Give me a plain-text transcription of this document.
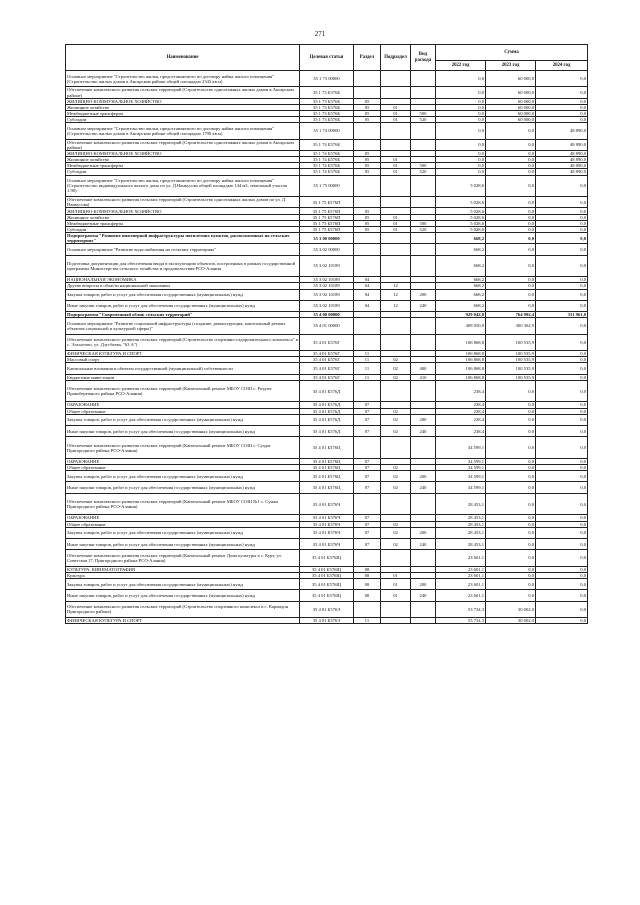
271
Наименование	Целевая статья	Раздел	Подраздел	Вид расхода	Сумма		
					2022 год	2023 год	2024 год
Основное мероприятие "Строительство жилья, предоставляемого по договору найма жилого помещения" (Строительство жилых домов в Ангарском районе общей площадью 2343 кв.м)	35 1 73 00000				0,0	60 000,0	0,0
Обеспечение комплексного развития сельских территорий (Строительство одноэтажных жилых домов в Ангарском районе)	35 1 73 Б576Б				0,0	60 000,0	0,0
ЖИЛИЩНО-КОММУНАЛЬНОЕ ХОЗЯЙСТВО	35 1 73 Б576Б	05			0,0	60 000,0	0,0
Жилищное хозяйство	35 1 73 Б576Б	05	01		0,0	60 000,0	0,0
Межбюджетные трансферты	35 1 73 Б576Б	05	01	500	0,0	60 000,0	0,0
Субсидии	35 1 73 Б576Б	05	01	520	0,0	60 000,0	0,0
Основное мероприятие "Строительство жилья, предоставляемого по договору найма жилого помещения" (Строительство жилых домов в Ангарском районе общей площадью 1790 кв.м)	35 1 74 00000				0,0	0,0	48 890,0
Обеспечение комплексного развития сельских территорий (Строительство одноэтажных жилых домов в Ангарском районе)	35 1 74 Б576Б				0,0	0,0	48 890,0
ЖИЛИЩНО-КОММУНАЛЬНОЕ ХОЗЯЙСТВО	35 1 74 Б576Б	05			0,0	0,0	48 890,0
Жилищное хозяйство	35 1 74 Б576Б	05	01		0,0	0,0	48 890,0
Межбюджетные трансферты	35 1 74 Б576Б	05	01	500	0,0	0,0	48 890,0
Субсидии	35 1 74 Б576Б	05	01	520	0,0	0,0	48 890,0
Основное мероприятие "Строительство жилья, предоставляемого по договору найма жилого помещения" (Строительство индивидуального жилого дома по ул. Д.Нанкусова общей площадью 144 м2, земельный участок 1.90)	35 1 75 00000				5 028,6	0,0	0,0
Обеспечение комплексного развития сельских территорий (Строительство одноэтажных жилых домов по ул. Д. Нанкусова)	35 1 75 Б576П				5 028,6	0,0	0,0
ЖИЛИЩНО-КОММУНАЛЬНОЕ ХОЗЯЙСТВО	35 1 75 Б576П	05			5 028,6	0,0	0,0
Жилищное хозяйство	35 1 75 Б576П	05	01		5 028,6	0,0	0,0
Межбюджетные трансферты	35 1 75 Б576П	05	01	500	5 028,6	0,0	0,0
Субсидии	35 1 75 Б576П	05	01	520	5 028,6	0,0	0,0
Подпрограмма "Развитие инженерной инфраструктуры пятилетних пунктов, расположенных на сельских территориях"	35 3 00 00000				668,2	0,0	0,0
Основное мероприятие "Развитие водоснабжения на сельских территориях"	35 3 02 00000				668,2	0,0	0,0
Подготовка документации для обеспечения ввода в эксплуатацию объектов, построенных в рамках государственной программы Министерства сельского хозяйства и продовольствия РСО-Алания	35 3 02 10189				668,2	0,0	0,0
НАЦИОНАЛЬНАЯ ЭКОНОМИКА	35 3 02 10189	04			668,2	0,0	0,0
Другие вопросы в области национальной экономики	35 3 02 10189	04	12		668,2	0,0	0,0
Закупка товаров, работ и услуг для обеспечения государственных (муниципальных) нужд	35 3 02 10189	04	12	200	668,2	0,0	0,0
Иные закупки товаров, работ и услуг для обеспечения государственных (муниципальных) нужд	35 3 02 10189	04	12	240	668,2	0,0	0,0
Подпрограмма "Современный облик сельских территорий"	35 4 00 00000				929 042,0	764 992,4	331 961,0
Основное мероприятие "Развитие социальной инфраструктуры (создание, реконструкция, капитальный ремонт объектов социальной и культурной сферы)"	35 4 01 00000				408 050,0	300 302,9	0,0
Обеспечение комплексного развития сельских территорий (Строительство спортивно-оздоровительного комплекса" в с. Эльхотово, ул. Дзусбаева, "63 А")	35 4 01 Б576Г				106 868,8	100 535,9	0,0
ФИЗИЧЕСКАЯ КУЛЬТУРА И СПОРТ	35 4 01 Б576Г	11			106 868,8	100 535,9	0,0
Массовый спорт	35 4 01 Б576Г	11	02		106 868,8	100 535,9	0,0
Капитальные вложения в объекты государственной (муниципальной) собственности	35 4 01 Б576Г	11	02	400	106 868,8	100 535,9	0,0
Бюджетные инвестиции	35 4 01 Б576Г	11	02	410	106 868,8	100 535,9	0,0
Обеспечение комплексного развития сельских территорий (Капитальный ремонт МБОУ СОШ с. Раздзог Правобережного района РСО-Алания)	35 4 01 Б576Д				238,4	0,0	0,0
ОБРАЗОВАНИЕ	35 4 01 Б576Д	07			238,4	0,0	0,0
Общее образование	35 4 01 Б576Д	07	02		238,4	0,0	0,0
Закупка товаров, работ и услуг для обеспечения государственных (муниципальных) нужд	35 4 01 Б576Д	07	02	200	238,4	0,0	0,0
Иные закупки товаров, работ и услуг для обеспечения государственных (муниципальных) нужд	35 4 01 Б576Д	07	02	240	238,4	0,0	0,0
Обеспечение комплексного развития сельских территорий (Капитальный ремонт МБОУ СОШ с. Суадаг Пригородного района РСО-Алания)	35 4 01 Б576Ц				34 599,1	0,0	0,0
ОБРАЗОВАНИЕ	35 4 01 Б576Ц	07			34 599,1	0,0	0,0
Общее образование	35 4 01 Б576Ц	07	02		34 599,1	0,0	0,0
Закупка товаров, работ и услуг для обеспечения государственных (муниципальных) нужд	35 4 01 Б576Ц	07	02	200	34 599,1	0,0	0,0
Иные закупки товаров, работ и услуг для обеспечения государственных (муниципальных) нужд	35 4 01 Б576Ц	07	02	240	34 599,1	0,0	0,0
Обеспечение комплексного развития сельских территорий (Капитальный ремонт МБОУ СОШ №1 с. Сунжа Пригородного района РСО-Алания)	35 4 01 Б576Ч				28 453,1	0,0	0,0
ОБРАЗОВАНИЕ	35 4 01 Б576Ч	07			28 453,1	0,0	0,0
Общее образование	35 4 01 Б576Ч	07	02		28 453,1	0,0	0,0
Закупка товаров, работ и услуг для обеспечения государственных (муниципальных) нужд	35 4 01 Б576Ч	07	02	200	28 453,1	0,0	0,0
Иные закупки товаров, работ и услуг для обеспечения государственных (муниципальных) нужд	35 4 01 Б576Ч	07	02	240	28 453,1	0,0	0,0
Обеспечение комплексного развития сельских территорий (Капитальный ремонт Дома культуры в с. Курт, ул. Советская 17, Пригородного района РСО-Алания)	35 4 01 Б576Щ				23 601,1	0,0	0,0
КУЛЬТУРА, КИНЕМАТОГРАФИЯ	35 4 01 Б576Щ	08			23 601,1	0,0	0,0
Культура	35 4 01 Б576Щ	08	01		23 601,1	0,0	0,0
Закупка товаров, работ и услуг для обеспечения государственных (муниципальных) нужд	35 4 01 Б576Щ	08	01	200	23 601,1	0,0	0,0
Иные закупки товаров, работ и услуг для обеспечения государственных (муниципальных) нужд	35 4 01 Б576Щ	08	01	240	23 601,1	0,0	0,0
Обеспечение комплексного развития сельских территорий (Строительство спортивного комплекса в с. Кармадон Пригородного района)	35 4 01 Б576Э				53 734,3	30 002,0	0,0
ФИЗИЧЕСКАЯ КУЛЬТУРА И СПОРТ	35 4 01 Б576Э	11			53 734,3	30 002,0	0,0
